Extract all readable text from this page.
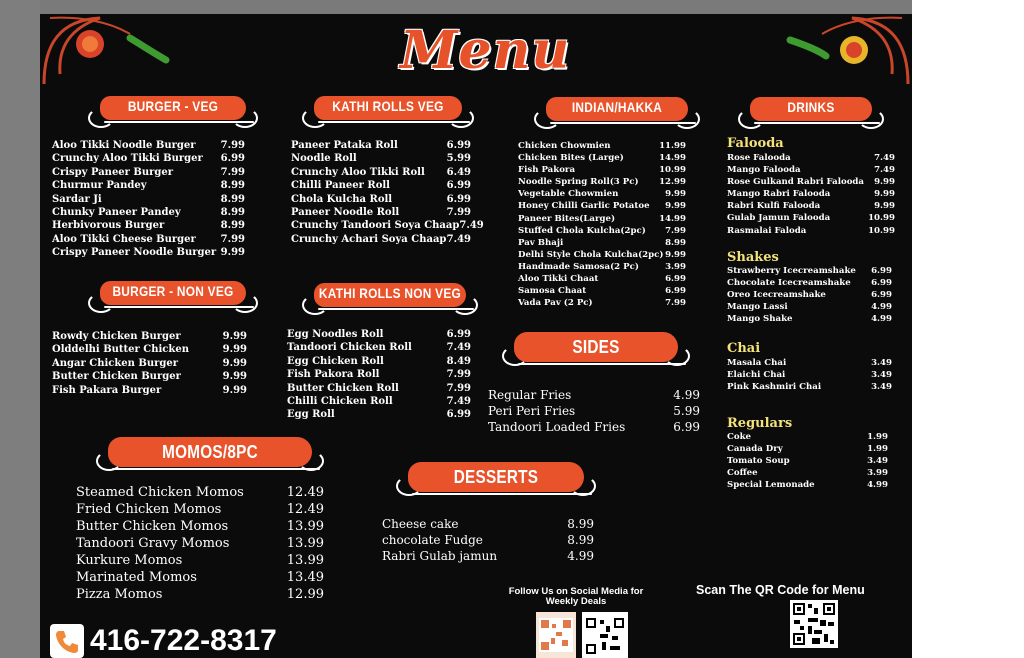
Menu
BURGER - VEG
Aloo Tikki Noodle Burger	7.99
Crunchy Aloo Tikki Burger 6.99
Crispy Paneer Burger	7.99
Churmur Pandey	8.99
Sardar Ji	8.99
Chunky Paneer Pandey	8.99
Herbivorous Burger	8.99
Aloo Tikki Cheese Burger 7.99
Crispy Paneer Noodle Burger 9.99
KATHI ROLLS VEG
Paneer Pataka Roll	6.99
Noodle Roll	5.99
Crunchy Aloo Tikki Roll 6.49
Chilli Paneer Roll	6.99
Chola Kulcha Roll	6.99
Paneer Noodle Roll	7.99
Crunchy Tandoori Soya Chaap 7.49
Crunchy Achari Soya Chaap 7.49
INDIAN/HAKKA
Chicken Chowmien	11.99
Chicken Bites (Large)	14.99
Fish Pakora	10.99
Noodle Spring Roll(3 Pc) 12.99
Vegetable Chowmien	9.99
Honey Chilli Garlic Potatoe 9.99
Paneer Bites(Large)	14.99
Stuffed Chola Kulcha(2pc) 7.99
Pav Bhaji	8.99
Delhi Style Chola Kulcha(2pc) 9.99
Handmade Samosa(2 Pc)	3.99
Aloo Tikki Chaat	6.99
Samosa Chaat	6.99
Vada Pav (2 Pc)	7.99
DRINKS
Falooda
Rose Falooda	7.49
Mango Falooda	7.49
Rose Gulkand Rabri Falooda 9.99
Mango Rabri Falooda	9.99
Rabri Kulfi Falooda	9.99
Gulab Jamun Falooda	10.99
Rasmalai Faloda	10.99
Shakes
Strawberry Icecreamshake 6.99
Chocolate Icecreamshake 6.99
Oreo Icecreamshake	6.99
Mango Lassi	4.99
Mango Shake	4.99
Chai
Masala Chai	3.49
Elaichi Chai	3.49
Pink Kashmiri Chai	3.49
Regulars
Coke	1.99
Canada Dry	1.99
Tomato Soup	3.49
Coffee	3.99
Special Lemonade	4.99
BURGER - NON VEG
Rowdy Chicken Burger	9.99
Olddelhi Butter Chicken	9.99
Angar Chicken Burger	9.99
Butter Chicken Burger	9.99
Fish Pakara Burger	9.99
KATHI ROLLS NON VEG
Egg Noodles Roll	6.99
Tandoori Chicken Roll	7.49
Egg Chicken Roll	8.49
Fish Pakora Roll	7.99
Butter Chicken Roll	7.99
Chilli Chicken Roll	7.49
Egg Roll	6.99
SIDES
Regular Fries	4.99
Peri Peri Fries	5.99
Tandoori Loaded Fries	6.99
MOMOS/8PC
Steamed Chicken Momos	12.49
Fried Chicken Momos	12.49
Butter Chicken Momos	13.99
Tandoori Gravy Momos	13.99
Kurkure Momos	13.99
Marinated Momos	13.49
Pizza Momos	12.99
DESSERTS
Cheese cake	8.99
chocolate Fudge	8.99
Rabri Gulab jamun	4.99
416-722-8317
Follow Us on Social Media for Weekly Deals
Scan The QR Code for Menu
